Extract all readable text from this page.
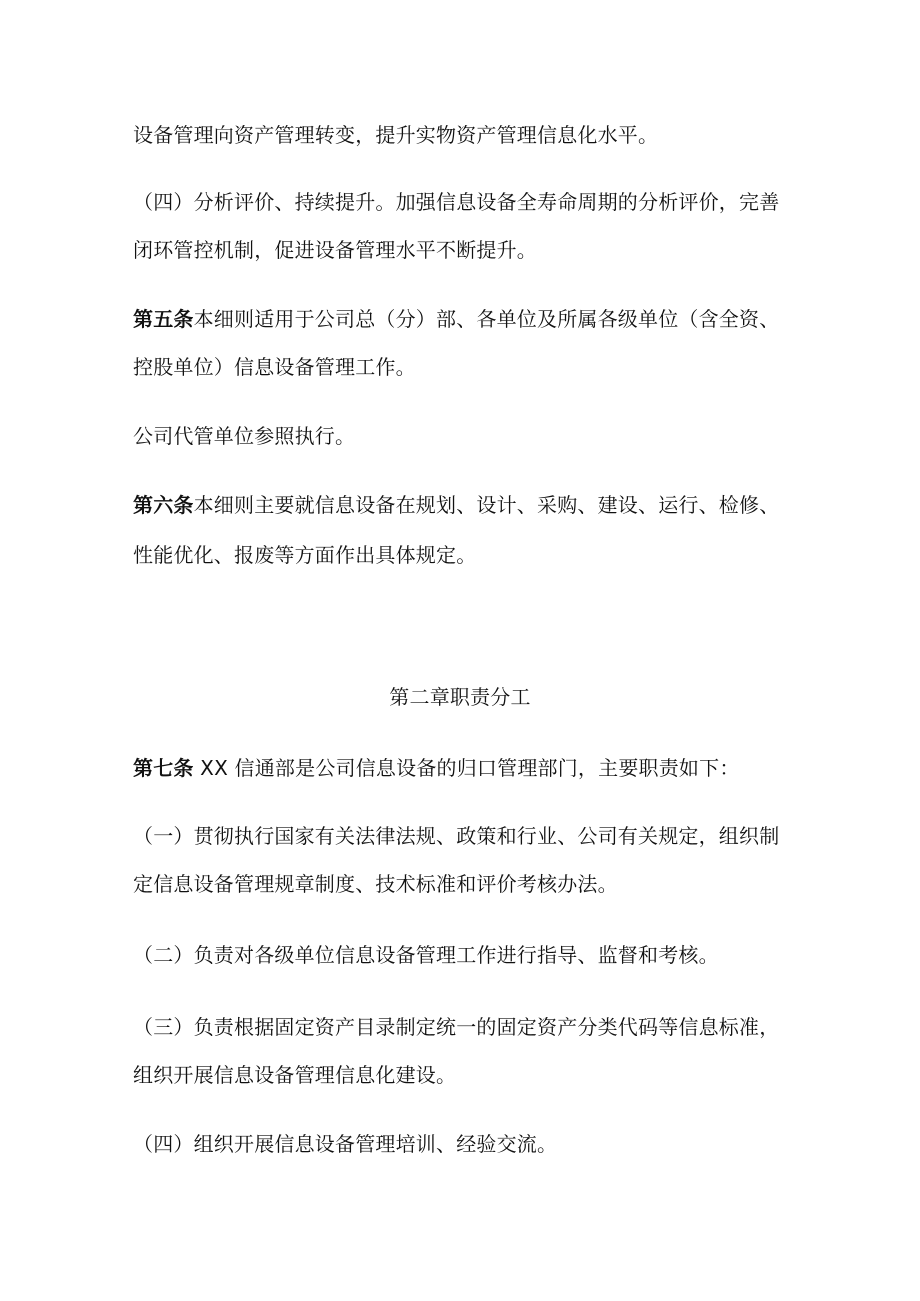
设备管理向资产管理转变，提升实物资产管理信息化水平。

（四）分析评价、持续提升。加强信息设备全寿命周期的分析评价，完善

闭环管控机制，促进设备管理水平不断提升。

第五条本细则适用于公司总（分）部、各单位及所属各级单位（含全资、

控股单位）信息设备管理工作。

公司代管单位参照执行。

第六条本细则主要就信息设备在规划、设计、采购、建设、运行、检修、

性能优化、报废等方面作出具体规定。

第二章职责分工

第七条 XX 信通部是公司信息设备的归口管理部门，主要职责如下：

（一）贯彻执行国家有关法律法规、政策和行业、公司有关规定，组织制

定信息设备管理规章制度、技术标准和评价考核办法。

（二）负责对各级单位信息设备管理工作进行指导、监督和考核。

（三）负责根据固定资产目录制定统一的固定资产分类代码等信息标准，

组织开展信息设备管理信息化建设。

（四）组织开展信息设备管理培训、经验交流。
